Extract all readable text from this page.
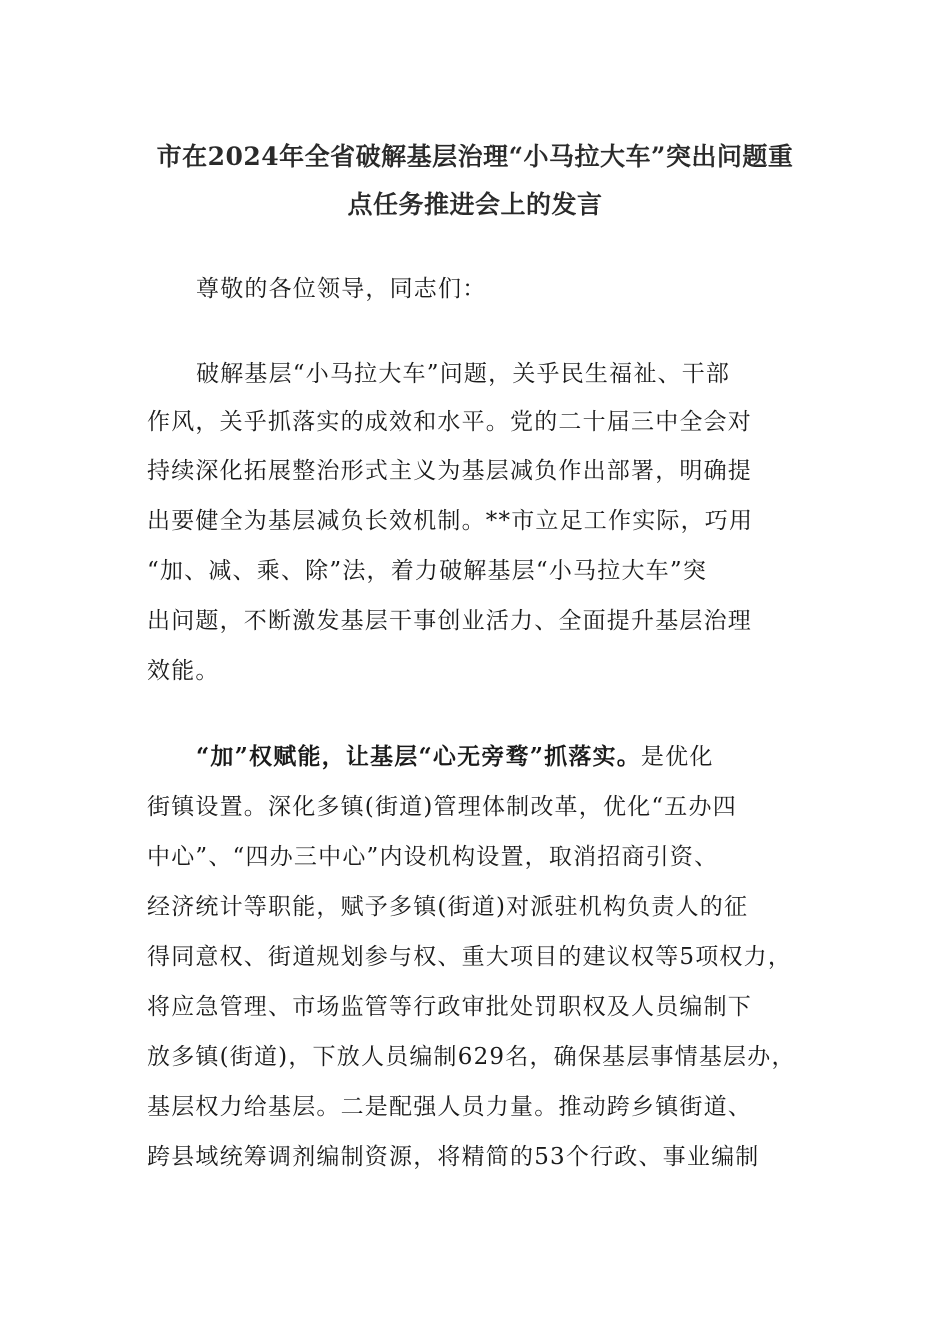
市在2024年全省破解基层治理“小马拉大车”突出问题重
点任务推进会上的发言
尊敬的各位领导，同志们：
破解基层“小马拉大车”问题，关乎民生福祉、干部
作风，关乎抓落实的成效和水平。党的二十届三中全会对
持续深化拓展整治形式主义为基层减负作出部署，明确提
出要健全为基层减负长效机制。**市立足工作实际，巧用
“加、减、乘、除”法，着力破解基层“小马拉大车”突
出问题，不断激发基层干事创业活力、全面提升基层治理
效能。
“加”权赋能，让基层“心无旁骛”抓落实。是优化
街镇设置。深化多镇(街道)管理体制改革，优化“五办四
中心”、“四办三中心”内设机构设置，取消招商引资、
经济统计等职能，赋予多镇(街道)对派驻机构负责人的征
得同意权、街道规划参与权、重大项目的建议权等5项权力，
将应急管理、市场监管等行政审批处罚职权及人员编制下
放多镇(街道)，下放人员编制629名，确保基层事情基层办，
基层权力给基层。二是配强人员力量。推动跨乡镇街道、
跨县域统筹调剂编制资源，将精简的53个行政、事业编制
